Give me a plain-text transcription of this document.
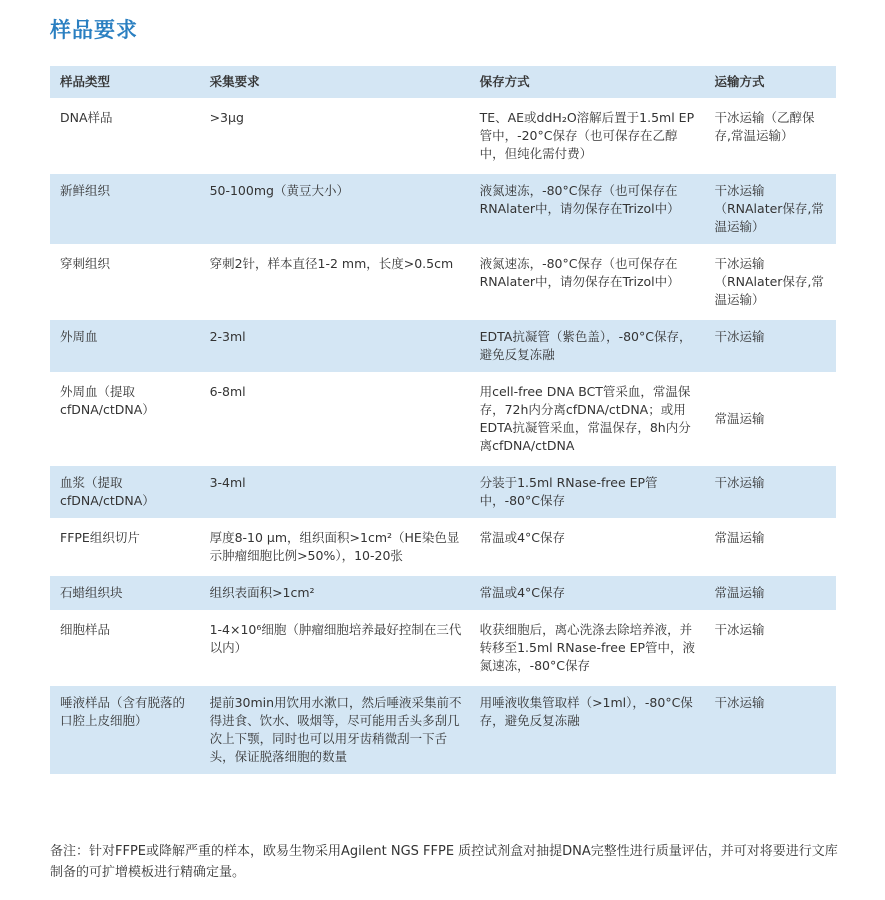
样品要求
样品类型	采集要求	保存方式	运输方式
DNA样品	>3μg	TE、AE或ddH₂O溶解后置于1.5ml EP管中，-20°C保存（也可保存在乙醇中，但纯化需付费）	干冰运输（乙醇保存,常温运输）
新鲜组织	50-100mg（黄豆大小）	液氮速冻，-80°C保存（也可保存在RNAlater中，请勿保存在Trizol中）	干冰运输（RNAlater保存,常温运输）
穿刺组织	穿刺2针，样本直径1-2 mm，长度>0.5cm	液氮速冻，-80°C保存（也可保存在RNAlater中，请勿保存在Trizol中）	干冰运输（RNAlater保存,常温运输）
外周血	2-3ml	EDTA抗凝管（紫色盖），-80°C保存，避免反复冻融	干冰运输
外周血（提取cfDNA/ctDNA）	6-8ml	用cell-free DNA BCT管采血，常温保存，72h内分离cfDNA/ctDNA；或用EDTA抗凝管采血，常温保存，8h内分离cfDNA/ctDNA	常温运输
血浆（提取cfDNA/ctDNA）	3-4ml	分装于1.5ml RNase-free EP管中，-80°C保存	干冰运输
FFPE组织切片	厚度8-10 μm，组织面积>1cm²（HE染色显示肿瘤细胞比例>50%），10-20张	常温或4°C保存	常温运输
石蜡组织块	组织表面积>1cm²	常温或4°C保存	常温运输
细胞样品	1-4×10⁶细胞（肿瘤细胞培养最好控制在三代以内）	收获细胞后，离心洗涤去除培养液，并转移至1.5ml RNase-free EP管中，液氮速冻，-80°C保存	干冰运输
唾液样品（含有脱落的口腔上皮细胞）	提前30min用饮用水漱口，然后唾液采集前不得进食、饮水、吸烟等，尽可能用舌头多刮几次上下颚，同时也可以用牙齿稍微刮一下舌头，保证脱落细胞的数量	用唾液收集管取样（>1ml），-80°C保存，避免反复冻融	干冰运输
备注：针对FFPE或降解严重的样本，欧易生物采用Agilent NGS FFPE 质控试剂盒对抽提DNA完整性进行质量评估，并可对将要进行文库制备的可扩增模板进行精确定量。
